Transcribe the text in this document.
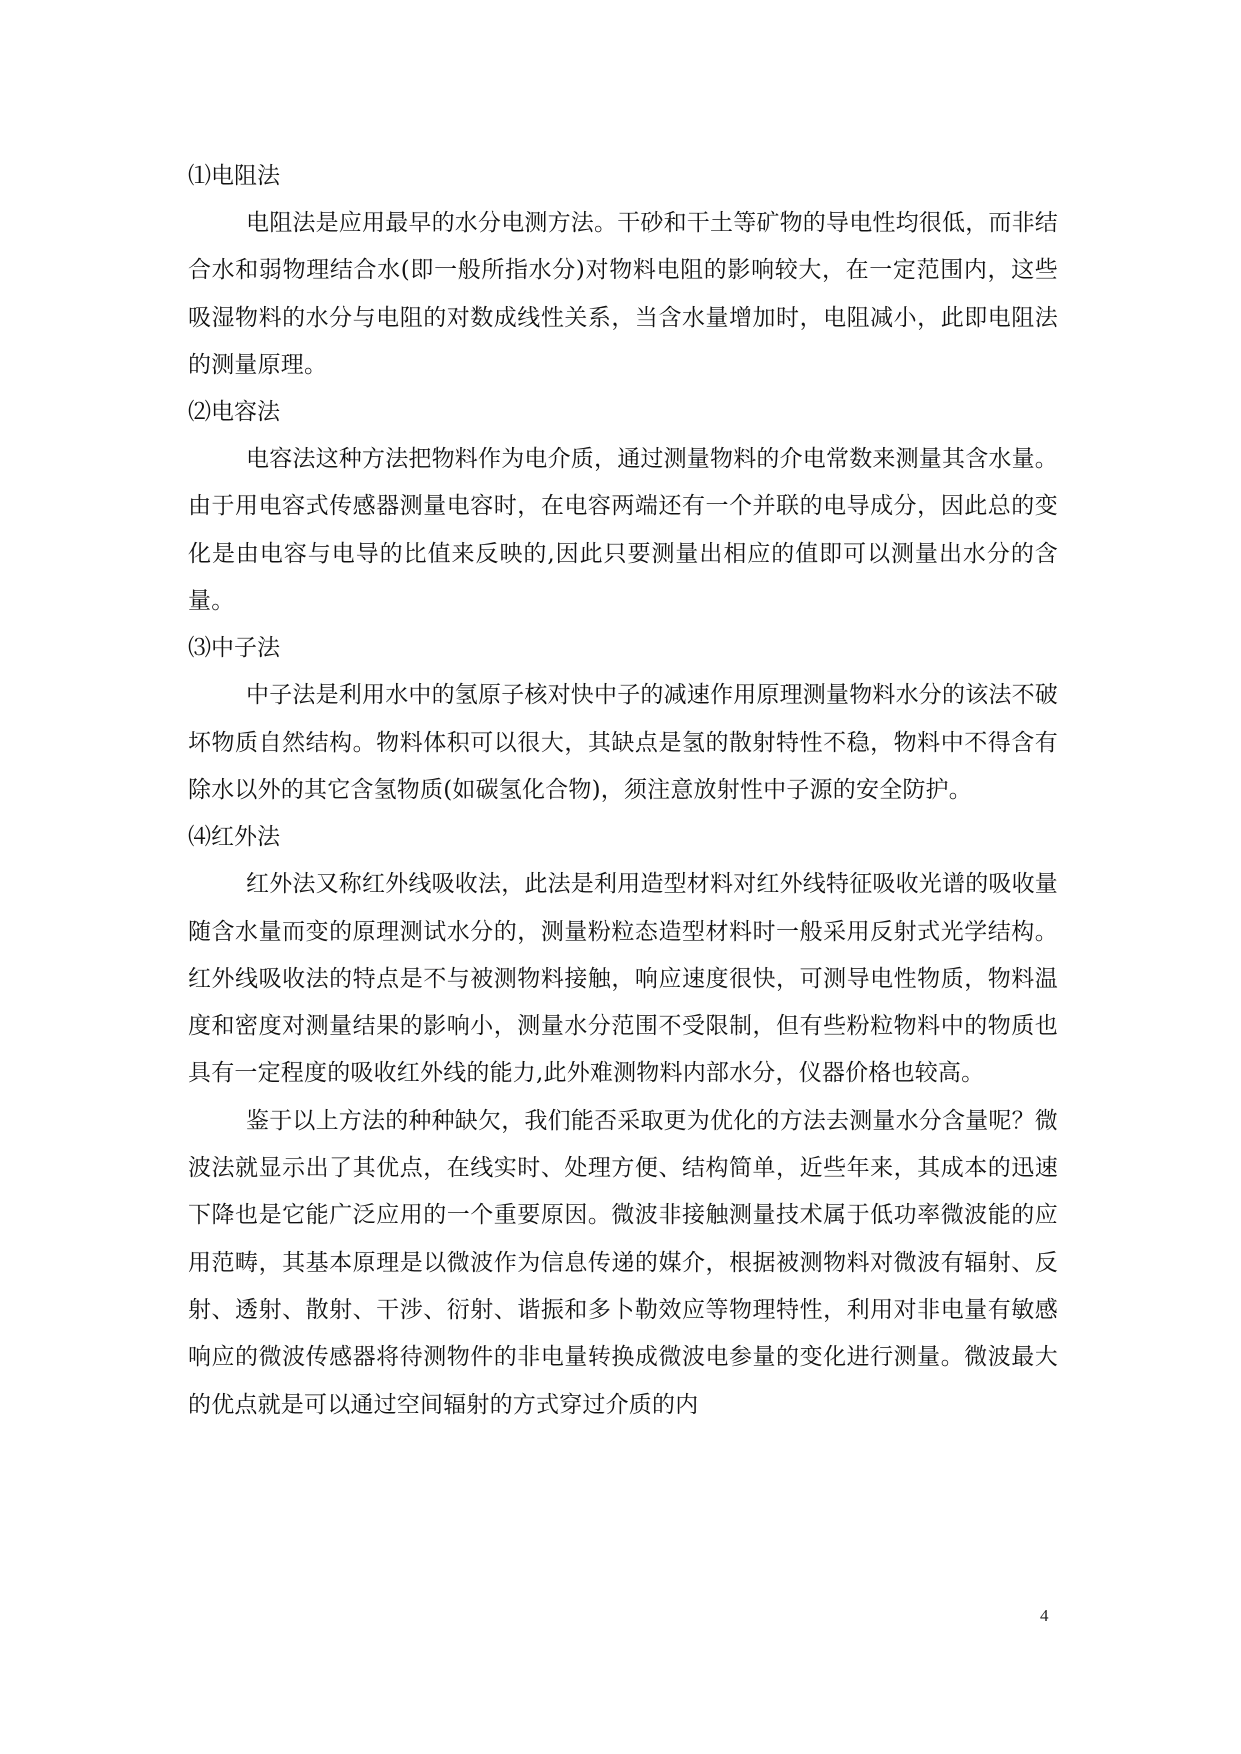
⑴电阻法

电阻法是应用最早的水分电测方法。干砂和干土等矿物的导电性均很低，而非结合水和弱物理结合水(即一般所指水分)对物料电阻的影响较大，在一定范围内，这些吸湿物料的水分与电阻的对数成线性关系，当含水量增加时，电阻减小，此即电阻法的测量原理。

⑵电容法

电容法这种方法把物料作为电介质，通过测量物料的介电常数来测量其含水量。由于用电容式传感器测量电容时，在电容两端还有一个并联的电导成分，因此总的变化是由电容与电导的比值来反映的,因此只要测量出相应的值即可以测量出水分的含量。

⑶中子法

中子法是利用水中的氢原子核对快中子的减速作用原理测量物料水分的该法不破坏物质自然结构。物料体积可以很大，其缺点是氢的散射特性不稳，物料中不得含有除水以外的其它含氢物质(如碳氢化合物)，须注意放射性中子源的安全防护。

⑷红外法

红外法又称红外线吸收法，此法是利用造型材料对红外线特征吸收光谱的吸收量随含水量而变的原理测试水分的，测量粉粒态造型材料时一般采用反射式光学结构。红外线吸收法的特点是不与被测物料接触，响应速度很快，可测导电性物质，物料温度和密度对测量结果的影响小，测量水分范围不受限制，但有些粉粒物料中的物质也具有一定程度的吸收红外线的能力,此外难测物料内部水分，仪器价格也较高。

鉴于以上方法的种种缺欠，我们能否采取更为优化的方法去测量水分含量呢？微波法就显示出了其优点，在线实时、处理方便、结构简单，近些年来，其成本的迅速下降也是它能广泛应用的一个重要原因。微波非接触测量技术属于低功率微波能的应用范畴，其基本原理是以微波作为信息传递的媒介，根据被测物料对微波有辐射、反射、透射、散射、干涉、衍射、谐振和多卜勒效应等物理特性，利用对非电量有敏感响应的微波传感器将待测物件的非电量转换成微波电参量的变化进行测量。微波最大的优点就是可以通过空间辐射的方式穿过介质的内

4
